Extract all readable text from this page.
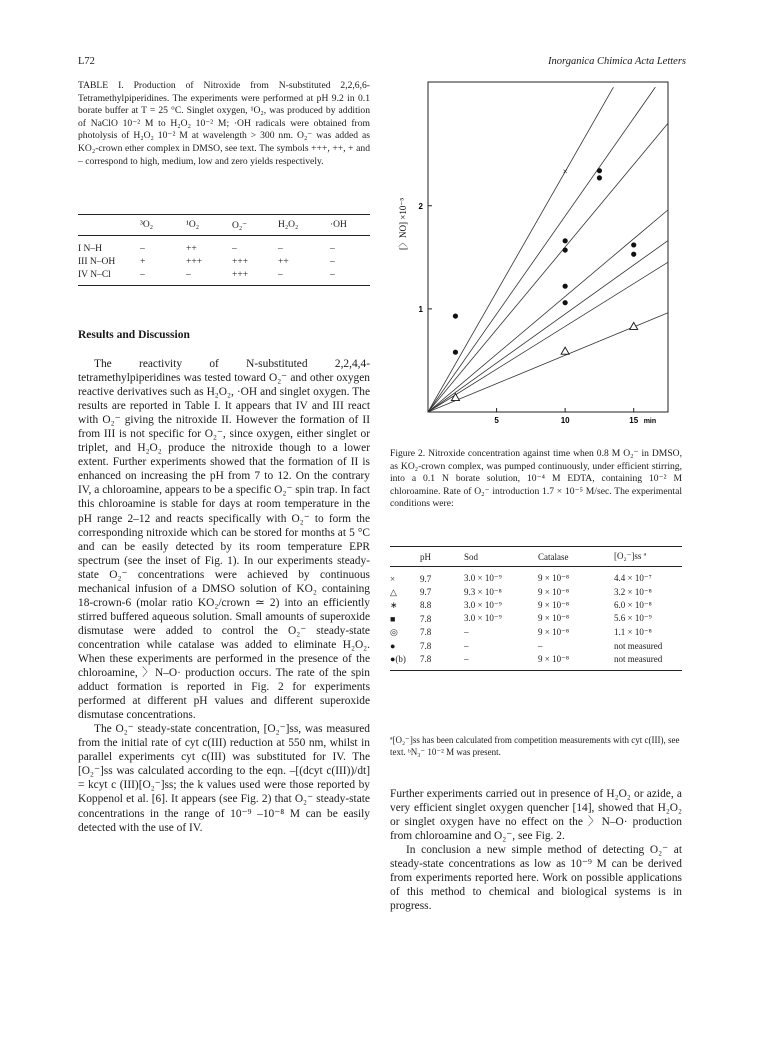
L72	Inorganica Chimica Acta Letters
TABLE I. Production of Nitroxide from N-substituted 2,2,6,6-Tetramethylpiperidines. The experiments were performed at pH 9.2 in 0.1 borate buffer at T = 25 °C. Singlet oxygen, ¹O₂, was produced by addition of NaClO 10⁻² M to H₂O₂ 10⁻² M; ·OH radicals were obtained from photolysis of H₂O₂ 10⁻² M at wavelength > 300 nm. O₂⁻ was added as KO₂-crown ether complex in DMSO, see text. The symbols +++, ++, + and – correspond to high, medium, low and zero yields respectively.
	³O₂	¹O₂	O₂⁻	H₂O₂	·OH

I N–H	–	++	–	–	–
III N–OH	+	+++	+++	++	–
IV N–Cl	–	–	+++	–	–

Results and Discussion

The reactivity of N-substituted 2,2,4,4-tetramethylpiperidines was tested toward O₂⁻ and other oxygen reactive derivatives such as H₂O₂, ·OH and singlet oxygen. The results are reported in Table I. It appears that IV and III react with O₂⁻ giving the nitroxide II. However the formation of II from III is not specific for O₂⁻, since oxygen, either singlet or triplet, and H₂O₂ produce the nitroxide though to a lower extent. Further experiments showed that the formation of II is enhanced on increasing the pH from 7 to 12. On the contrary IV, a chloroamine, appears to be a specific O₂⁻ spin trap. In fact this chloroamine is stable for days at room temperature in the pH range 2–12 and reacts specifically with O₂⁻ to form the corresponding nitroxide which can be stored for months at 5 °C and can be easily detected by its room temperature EPR spectrum (see the inset of Fig. 1). In our experiments steady-state O₂⁻ concentrations were achieved by continuous mechanical infusion of a DMSO solution of KO₂ containing 18-crown-6 (molar ratio KO₂/crown ≃ 2) into an efficiently stirred buffered aqueous solution. Small amounts of superoxide dismutase were added to control the O₂⁻ steady-state concentration while catalase was added to eliminate H₂O₂. When these experiments are performed in the presence of the chloroamine, 〉N–O· production occurs. The rate of the spin adduct formation is reported in Fig. 2 for experiments performed at different pH values and different superoxide dismutase concentrations.

The O₂⁻ steady-state concentration, [O₂⁻]ss, was measured from the initial rate of cyt c(III) reduction at 550 nm, whilst in parallel experiments cyt c(III) was substituted for IV. The [O₂⁻]ss was calculated according to the eqn. –[(dcyt c(III))/dt] = kcyt c (III)[O₂⁻]ss; the k values used were those reported by Koppenol et al. [6]. It appears (see Fig. 2) that O₂⁻ steady-state concentrations in the range of 10⁻⁹ –10⁻⁸ M can be easily detected with the use of IV.

×
5	10	15 min
1
2
[〉NO] ×10⁻⁵
Figure 2. Nitroxide concentration against time when 0.8 M O₂⁻ in DMSO, as KO₂-crown complex, was pumped continuously, under efficient stirring, into a 0.1 N borate solution, 10⁻⁴ M EDTA, containing 10⁻² M chloroamine. Rate of O₂⁻ introduction 1.7 × 10⁻⁵ M/sec. The experimental conditions were:
	pH	Sod	Catalase	[O₂⁻]ss ª

×	9.7	3.0 × 10⁻⁹	9 × 10⁻⁸	4.4 × 10⁻⁷
△	9.7	9.3 × 10⁻⁸	9 × 10⁻⁸	3.2 × 10⁻⁸
∗	8.8	3.0 × 10⁻⁹	9 × 10⁻⁸	6.0 × 10⁻⁸
■	7.8	3.0 × 10⁻⁹	9 × 10⁻⁸	5.6 × 10⁻⁹
◎	7.8	–	9 × 10⁻⁸	1.1 × 10⁻⁸
●	7.8	–	–	not measured
●(b)	7.8	–	9 × 10⁻⁸	not measured

ª[O₂⁻]ss has been calculated from competition measurements with cyt c(III), see text. ᵇN₃⁻ 10⁻² M was present.

Further experiments carried out in presence of H₂O₂ or azide, a very efficient singlet oxygen quencher [14], showed that H₂O₂ or singlet oxygen have no effect on the 〉N–O· production from chloroamine and O₂⁻, see Fig. 2.

In conclusion a new simple method of detecting O₂⁻ at steady-state concentrations as low as 10⁻⁹ M can be derived from experiments reported here. Work on possible applications of this method to chemical and biological systems is in progress.
